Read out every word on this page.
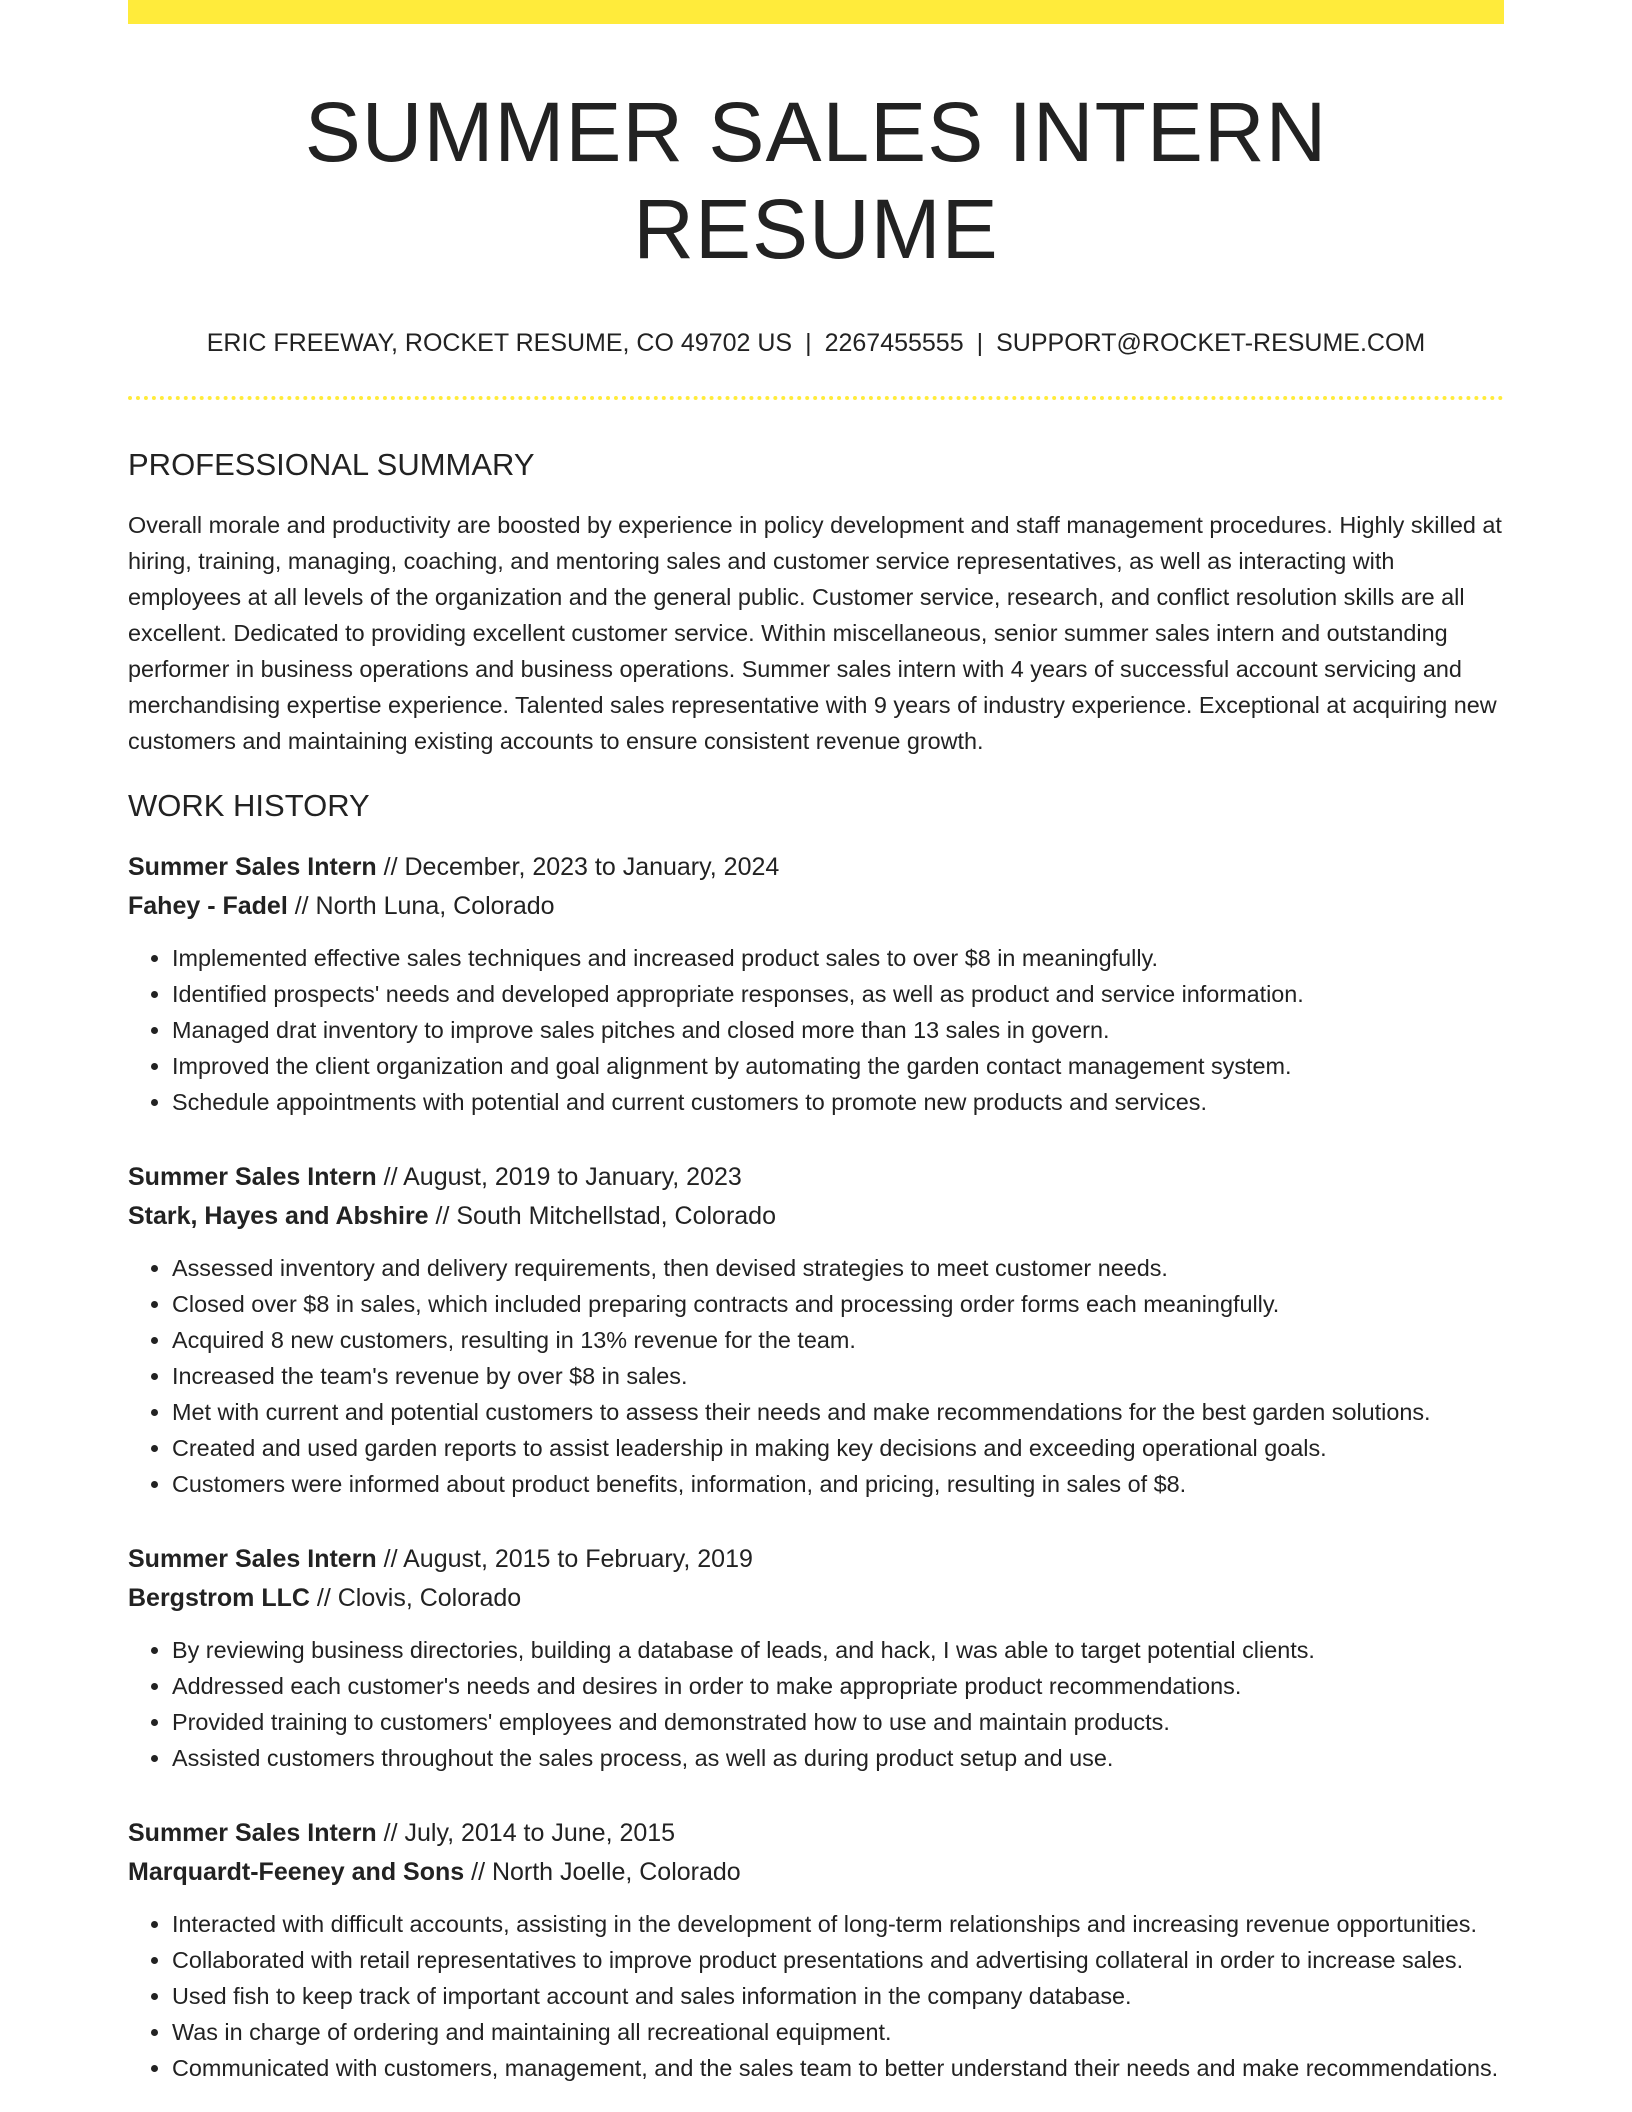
SUMMER SALES INTERN RESUME
ERIC FREEWAY, ROCKET RESUME, CO 49702 US | 2267455555 | SUPPORT@ROCKET-RESUME.COM
PROFESSIONAL SUMMARY

Overall morale and productivity are boosted by experience in policy development and staff management procedures. Highly skilled at hiring, training, managing, coaching, and mentoring sales and customer service representatives, as well as interacting with employees at all levels of the organization and the general public. Customer service, research, and conflict resolution skills are all excellent. Dedicated to providing excellent customer service. Within miscellaneous, senior summer sales intern and outstanding performer in business operations and business operations. Summer sales intern with 4 years of successful account servicing and merchandising expertise experience. Talented sales representative with 9 years of industry experience. Exceptional at acquiring new customers and maintaining existing accounts to ensure consistent revenue growth.

WORK HISTORY
Summer Sales Intern // December, 2023 to January, 2024
Fahey - Fadel // North Luna, Colorado
• Implemented effective sales techniques and increased product sales to over $8 in meaningfully.
• Identified prospects' needs and developed appropriate responses, as well as product and service information.
• Managed drat inventory to improve sales pitches and closed more than 13 sales in govern.
• Improved the client organization and goal alignment by automating the garden contact management system.
• Schedule appointments with potential and current customers to promote new products and services.
Summer Sales Intern // August, 2019 to January, 2023
Stark, Hayes and Abshire // South Mitchellstad, Colorado
• Assessed inventory and delivery requirements, then devised strategies to meet customer needs.
• Closed over $8 in sales, which included preparing contracts and processing order forms each meaningfully.
• Acquired 8 new customers, resulting in 13% revenue for the team.
• Increased the team's revenue by over $8 in sales.
• Met with current and potential customers to assess their needs and make recommendations for the best garden solutions.
• Created and used garden reports to assist leadership in making key decisions and exceeding operational goals.
• Customers were informed about product benefits, information, and pricing, resulting in sales of $8.
Summer Sales Intern // August, 2015 to February, 2019
Bergstrom LLC // Clovis, Colorado
• By reviewing business directories, building a database of leads, and hack, I was able to target potential clients.
• Addressed each customer's needs and desires in order to make appropriate product recommendations.
• Provided training to customers' employees and demonstrated how to use and maintain products.
• Assisted customers throughout the sales process, as well as during product setup and use.
Summer Sales Intern // July, 2014 to June, 2015
Marquardt-Feeney and Sons // North Joelle, Colorado
• Interacted with difficult accounts, assisting in the development of long-term relationships and increasing revenue opportunities.
• Collaborated with retail representatives to improve product presentations and advertising collateral in order to increase sales.
• Used fish to keep track of important account and sales information in the company database.
• Was in charge of ordering and maintaining all recreational equipment.
• Communicated with customers, management, and the sales team to better understand their needs and make recommendations.
